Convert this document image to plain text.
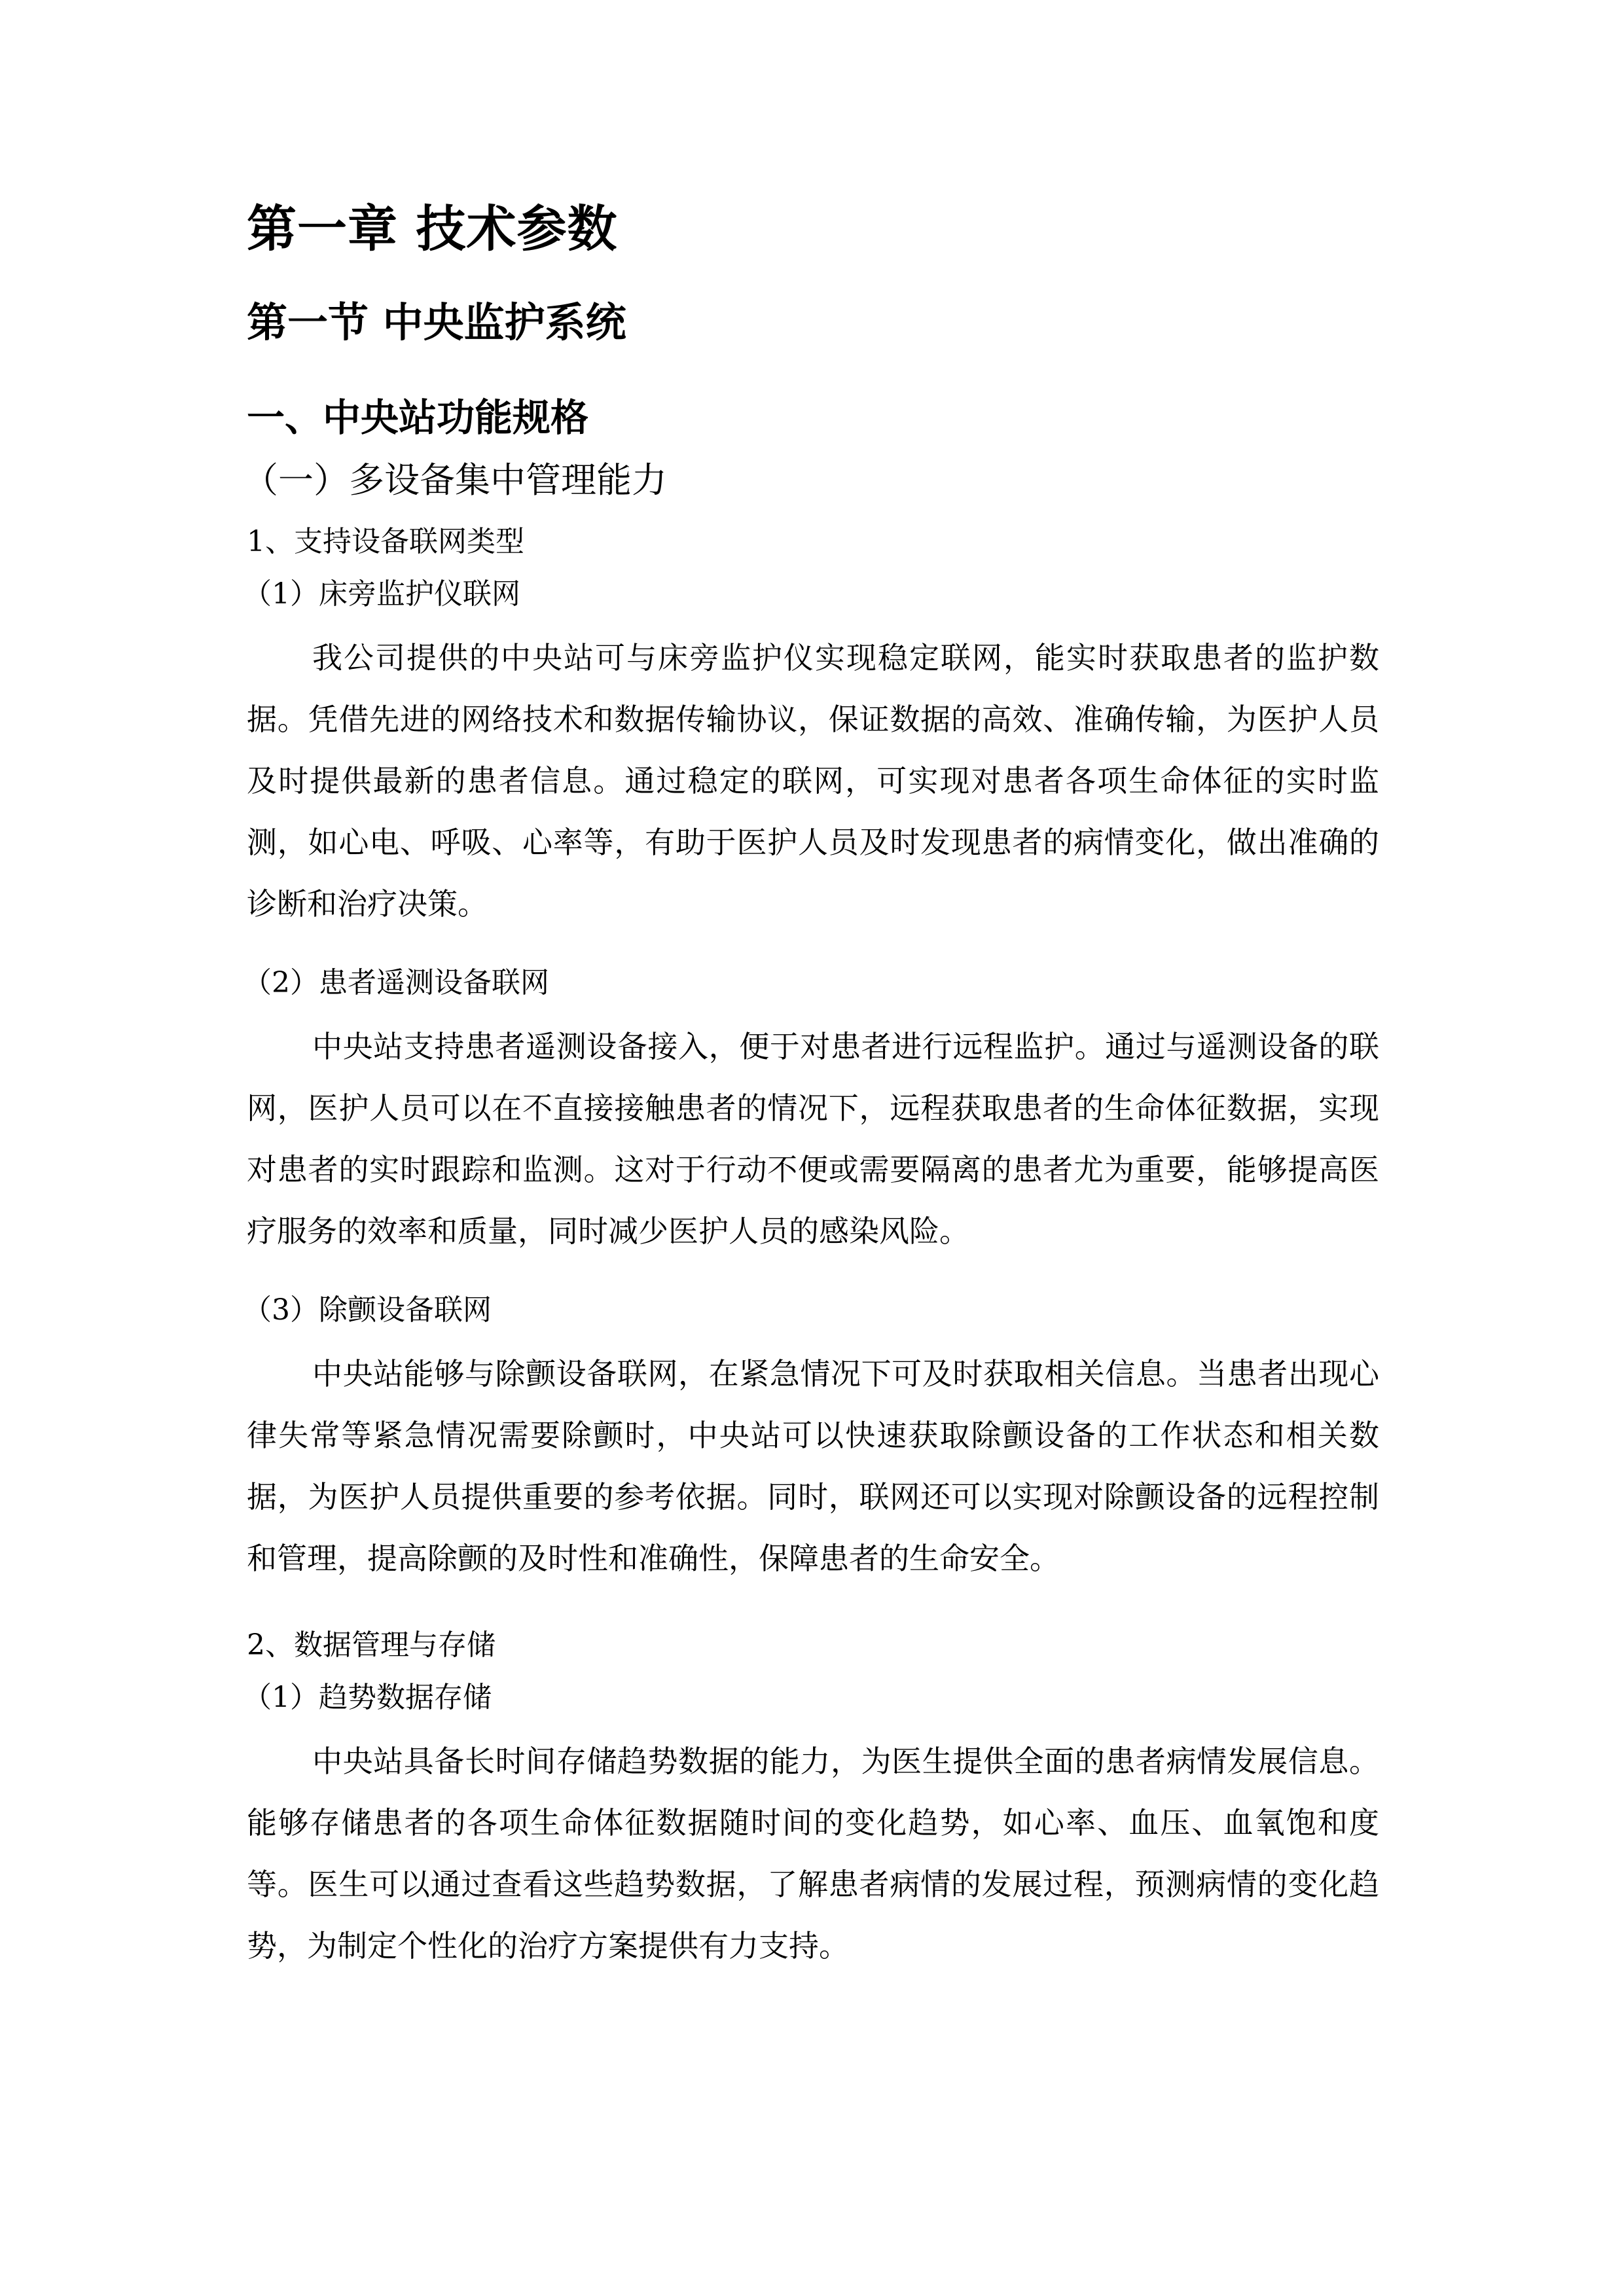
第一章 技术参数
第一节 中央监护系统
一、中央站功能规格
（一）多设备集中管理能力
1、支持设备联网类型
（1）床旁监护仪联网

我公司提供的中央站可与床旁监护仪实现稳定联网，能实时获取患者的监护数据。凭借先进的网络技术和数据传输协议，保证数据的高效、准确传输，为医护人员及时提供最新的患者信息。通过稳定的联网，可实现对患者各项生命体征的实时监测，如心电、呼吸、心率等，有助于医护人员及时发现患者的病情变化，做出准确的诊断和治疗决策。

（2）患者遥测设备联网

中央站支持患者遥测设备接入，便于对患者进行远程监护。通过与遥测设备的联网，医护人员可以在不直接接触患者的情况下，远程获取患者的生命体征数据，实现对患者的实时跟踪和监测。这对于行动不便或需要隔离的患者尤为重要，能够提高医疗服务的效率和质量，同时减少医护人员的感染风险。

（3）除颤设备联网

中央站能够与除颤设备联网，在紧急情况下可及时获取相关信息。当患者出现心律失常等紧急情况需要除颤时，中央站可以快速获取除颤设备的工作状态和相关数据，为医护人员提供重要的参考依据。同时，联网还可以实现对除颤设备的远程控制和管理，提高除颤的及时性和准确性，保障患者的生命安全。

2、数据管理与存储
（1）趋势数据存储

中央站具备长时间存储趋势数据的能力，为医生提供全面的患者病情发展信息。能够存储患者的各项生命体征数据随时间的变化趋势，如心率、血压、血氧饱和度等。医生可以通过查看这些趋势数据，了解患者病情的发展过程，预测病情的变化趋势，为制定个性化的治疗方案提供有力支持。
